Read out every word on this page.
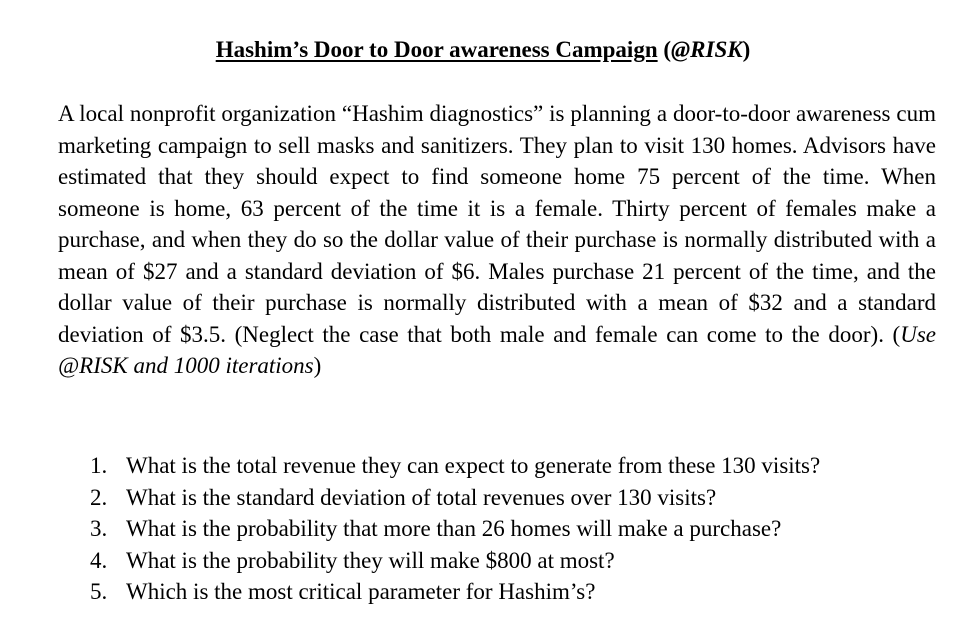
Hashim’s Door to Door awareness Campaign (@RISK)

A local nonprofit organization “Hashim diagnostics” is planning a door-to-door awareness cum marketing campaign to sell masks and sanitizers. They plan to visit 130 homes. Advisors have estimated that they should expect to find someone home 75 percent of the time. When someone is home, 63 percent of the time it is a female. Thirty percent of females make a purchase, and when they do so the dollar value of their purchase is normally distributed with a mean of $27 and a standard deviation of $6. Males purchase 21 percent of the time, and the dollar value of their purchase is normally distributed with a mean of $32 and a standard deviation of $3.5. (Neglect the case that both male and female can come to the door). (Use @RISK and 1000 iterations)

1. What is the total revenue they can expect to generate from these 130 visits?
2. What is the standard deviation of total revenues over 130 visits?
3. What is the probability that more than 26 homes will make a purchase?
4. What is the probability they will make $800 at most?
5. Which is the most critical parameter for Hashim’s?
